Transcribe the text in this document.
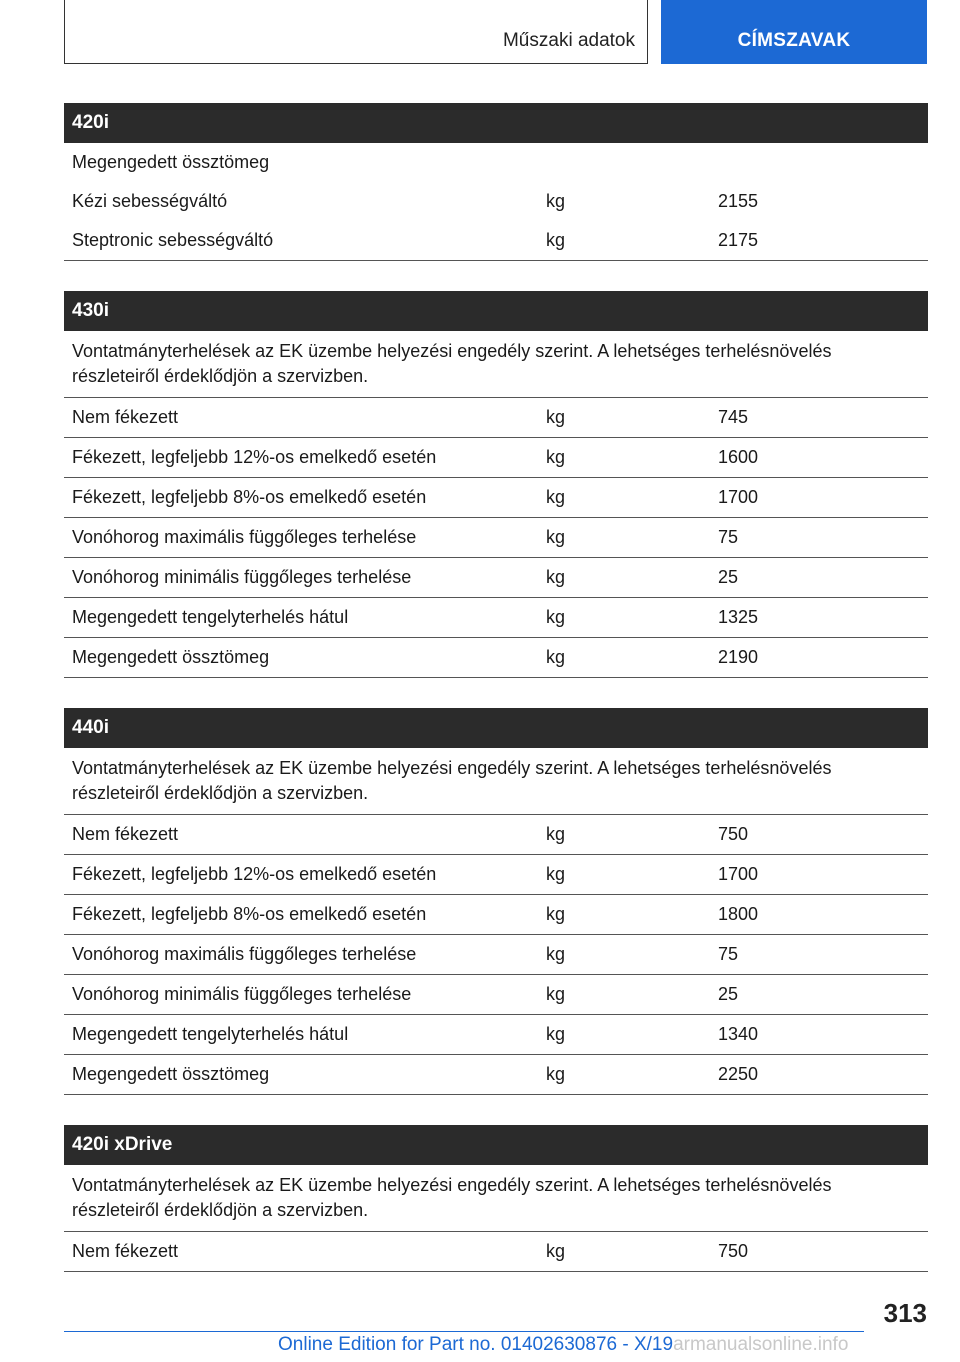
Műszaki adatok	CÍMSZAVAK
420i
Megengedett össztömeg
Kézi sebességváltó	kg	2155
Steptronic sebességváltó	kg	2175
430i
Vontatmányterhelések az EK üzembe helyezési engedély szerint. A lehetséges terhelésnövelés részleteiről érdeklődjön a szervizben.
Nem fékezett	kg	745
Fékezett, legfeljebb 12%-os emelkedő esetén	kg	1600
Fékezett, legfeljebb 8%-os emelkedő esetén	kg	1700
Vonóhorog maximális függőleges terhelése	kg	75
Vonóhorog minimális függőleges terhelése	kg	25
Megengedett tengelyterhelés hátul	kg	1325
Megengedett össztömeg	kg	2190
440i
Vontatmányterhelések az EK üzembe helyezési engedély szerint. A lehetséges terhelésnövelés részleteiről érdeklődjön a szervizben.
Nem fékezett	kg	750
Fékezett, legfeljebb 12%-os emelkedő esetén	kg	1700
Fékezett, legfeljebb 8%-os emelkedő esetén	kg	1800
Vonóhorog maximális függőleges terhelése	kg	75
Vonóhorog minimális függőleges terhelése	kg	25
Megengedett tengelyterhelés hátul	kg	1340
Megengedett össztömeg	kg	2250
420i xDrive
Vontatmányterhelések az EK üzembe helyezési engedély szerint. A lehetséges terhelésnövelés részleteiről érdeklődjön a szervizben.
Nem fékezett	kg	750
313
Online Edition for Part no. 01402630876 - X/19armanualsonline.info
